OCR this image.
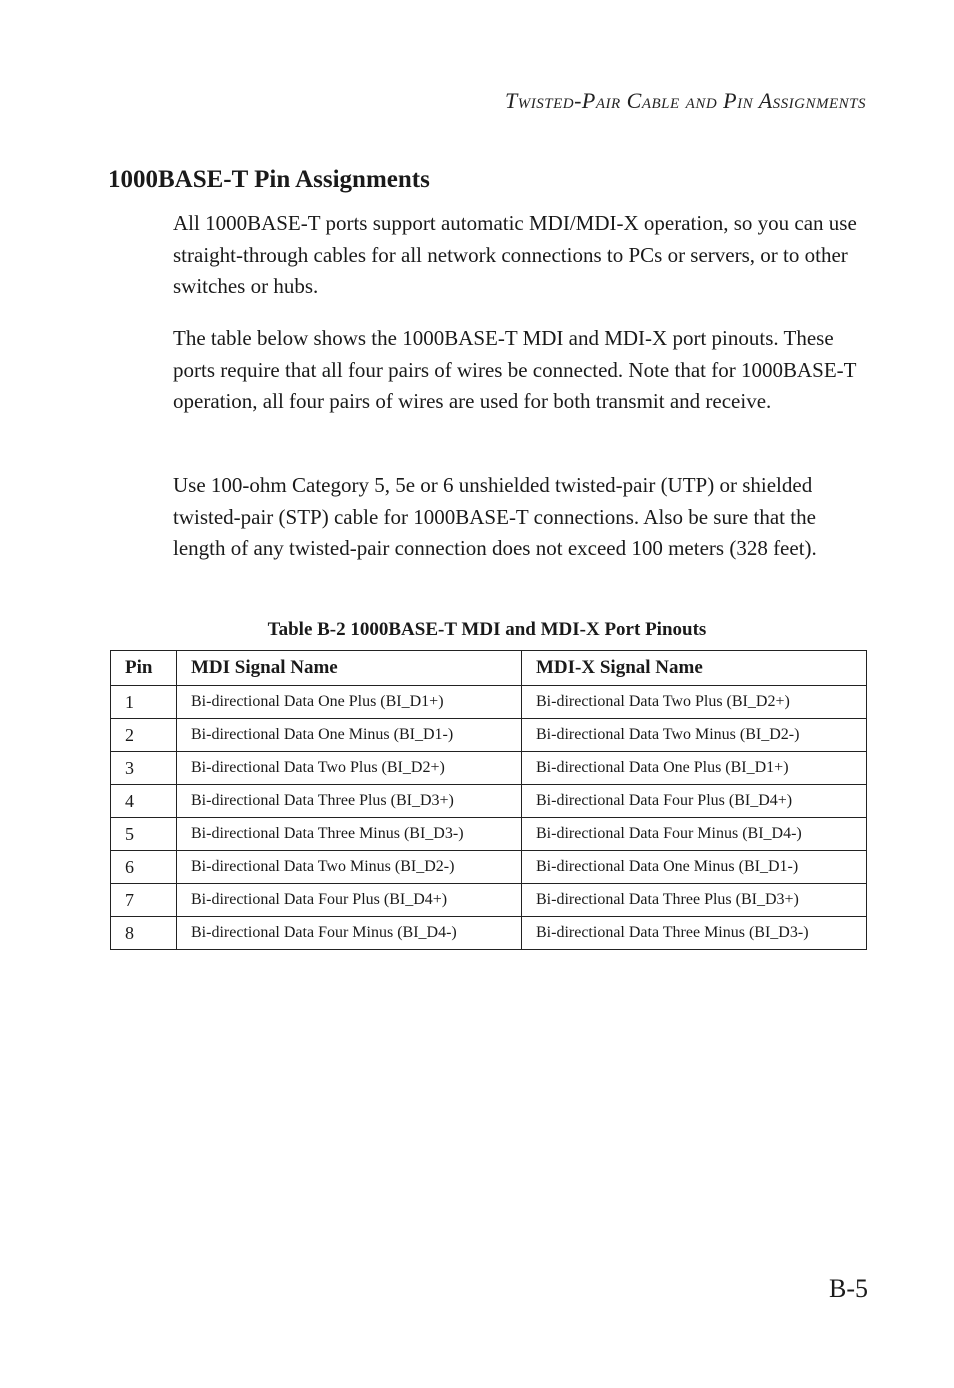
Twisted-Pair Cable and Pin Assignments
1000BASE-T Pin Assignments

All 1000BASE-T ports support automatic MDI/MDI-X operation, so you can use straight-through cables for all network connections to PCs or servers, or to other switches or hubs.

The table below shows the 1000BASE-T MDI and MDI-X port pinouts. These ports require that all four pairs of wires be connected. Note that for 1000BASE-T operation, all four pairs of wires are used for both transmit and receive.

Use 100-ohm Category 5, 5e or 6 unshielded twisted-pair (UTP) or shielded twisted-pair (STP) cable for 1000BASE-T connections. Also be sure that the length of any twisted-pair connection does not exceed 100 meters (328 feet).

Table B-2 1000BASE-T MDI and MDI-X Port Pinouts
Pin	MDI Signal Name	MDI-X Signal Name
1	Bi-directional Data One Plus (BI_D1+)	Bi-directional Data Two Plus (BI_D2+)
2	Bi-directional Data One Minus (BI_D1-)	Bi-directional Data Two Minus (BI_D2-)
3	Bi-directional Data Two Plus (BI_D2+)	Bi-directional Data One Plus (BI_D1+)
4	Bi-directional Data Three Plus (BI_D3+)	Bi-directional Data Four Plus (BI_D4+)
5	Bi-directional Data Three Minus (BI_D3-)	Bi-directional Data Four Minus (BI_D4-)
6	Bi-directional Data Two Minus (BI_D2-)	Bi-directional Data One Minus (BI_D1-)
7	Bi-directional Data Four Plus (BI_D4+)	Bi-directional Data Three Plus (BI_D3+)
8	Bi-directional Data Four Minus (BI_D4-)	Bi-directional Data Three Minus (BI_D3-)
B-5
